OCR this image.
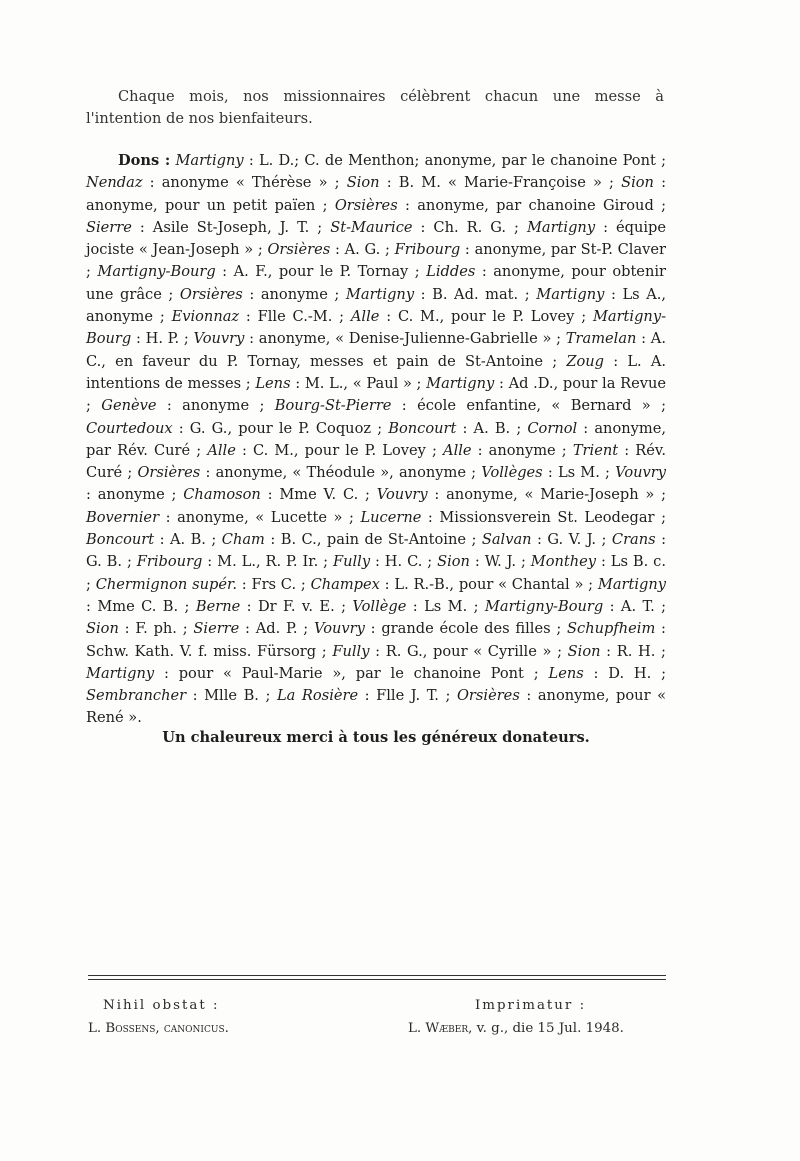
Chaque mois, nos missionnaires célèbrent chacun une messe à l'intention de nos bienfaiteurs.

Dons : Martigny : L. D.; C. de Menthon; anonyme, par le chanoine Pont ; Nendaz : anonyme « Thérèse » ; Sion : B. M. « Marie-Françoise » ; Sion : anonyme, pour un petit païen ; Orsières : anonyme, par chanoine Giroud ; Sierre : Asile St-Joseph, J. T. ; St-Maurice : Ch. R. G. ; Martigny : équipe jociste « Jean-Joseph » ; Orsières : A. G. ; Fribourg : anonyme, par St-P. Claver ; Martigny-Bourg : A. F., pour le P. Tornay ; Liddes : anonyme, pour obtenir une grâce ; Orsières : anonyme ; Martigny : B. Ad. mat. ; Martigny : Ls A., anonyme ; Evionnaz : Flle C.-M. ; Alle : C. M., pour le P. Lovey ; Martigny-Bourg : H. P. ; Vouvry : anonyme, « Denise-Julienne-Gabrielle » ; Tramelan : A. C., en faveur du P. Tornay, messes et pain de St-Antoine ; Zoug : L. A. intentions de messes ; Lens : M. L., « Paul » ; Martigny : Ad .D., pour la Revue ; Genève : anonyme ; Bourg-St-Pierre : école enfantine, « Bernard » ; Courtedoux : G. G., pour le P. Coquoz ; Boncourt : A. B. ; Cornol : anonyme, par Rév. Curé ; Alle : C. M., pour le P. Lovey ; Alle : anonyme ; Trient : Rév. Curé ; Orsières : anonyme, « Théodule », anonyme ; Vollèges : Ls M. ; Vouvry : anonyme ; Chamoson : Mme V. C. ; Vouvry : anonyme, « Marie-Joseph » ; Bovernier : anonyme, « Lucette » ; Lucerne : Missionsverein St. Leodegar ; Boncourt : A. B. ; Cham : B. C., pain de St-Antoine ; Salvan : G. V. J. ; Crans : G. B. ; Fribourg : M. L., R. P. Ir. ; Fully : H. C. ; Sion : W. J. ; Monthey : Ls B. c. ; Chermignon supér. : Frs C. ; Champex : L. R.-B., pour « Chantal » ; Martigny : Mme C. B. ; Berne : Dr F. v. E. ; Vollège : Ls M. ; Martigny-Bourg : A. T. ; Sion : F. ph. ; Sierre : Ad. P. ; Vouvry : grande école des filles ; Schupfheim : Schw. Kath. V. f. miss. Fürsorg ; Fully : R. G., pour « Cyrille » ; Sion : R. H. ; Martigny : pour « Paul-Marie », par le chanoine Pont ; Lens : D. H. ; Sembrancher : Mlle B. ; La Rosière : Flle J. T. ; Orsières : anonyme, pour « René ».

Un chaleureux merci à tous les généreux donateurs.

Nihil obstat :

L. Bossens, canonicus.

Imprimatur :

L. Wæber, v. g., die 15 Jul. 1948.
